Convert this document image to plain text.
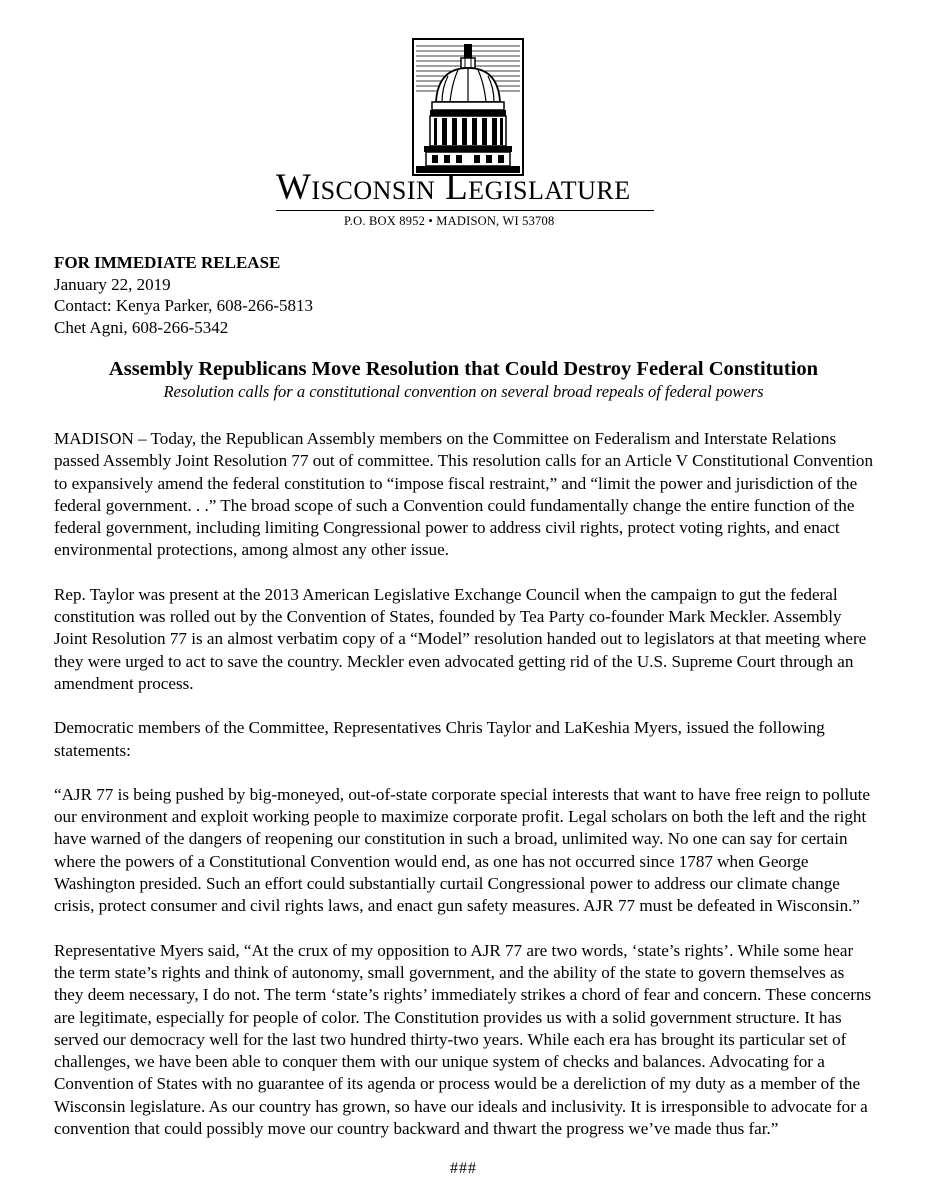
Wisconsin Legislature
P.O. BOX 8952 • MADISON, WI 53708
FOR IMMEDIATE RELEASE
January 22, 2019
Contact: Kenya Parker, 608-266-5813
Chet Agni, 608-266-5342
Assembly Republicans Move Resolution that Could Destroy Federal Constitution
Resolution calls for a constitutional convention on several broad repeals of federal powers

MADISON – Today, the Republican Assembly members on the Committee on Federalism and Interstate Relations passed Assembly Joint Resolution 77 out of committee. This resolution calls for an Article V Constitutional Convention to expansively amend the federal constitution to “impose fiscal restraint,” and “limit the power and jurisdiction of the federal government. . .” The broad scope of such a Convention could fundamentally change the entire function of the federal government, including limiting Congressional power to address civil rights, protect voting rights, and enact environmental protections, among almost any other issue.

Rep. Taylor was present at the 2013 American Legislative Exchange Council when the campaign to gut the federal constitution was rolled out by the Convention of States, founded by Tea Party co-founder Mark Meckler. Assembly Joint Resolution 77 is an almost verbatim copy of a “Model” resolution handed out to legislators at that meeting where they were urged to act to save the country. Meckler even advocated getting rid of the U.S. Supreme Court through an amendment process.

Democratic members of the Committee, Representatives Chris Taylor and LaKeshia Myers, issued the following statements:

“AJR 77 is being pushed by big-moneyed, out-of-state corporate special interests that want to have free reign to pollute our environment and exploit working people to maximize corporate profit. Legal scholars on both the left and the right have warned of the dangers of reopening our constitution in such a broad, unlimited way. No one can say for certain where the powers of a Constitutional Convention would end, as one has not occurred since 1787 when George Washington presided. Such an effort could substantially curtail Congressional power to address our climate change crisis, protect consumer and civil rights laws, and enact gun safety measures. AJR 77 must be defeated in Wisconsin.”

Representative Myers said, “At the crux of my opposition to AJR 77 are two words, ‘state’s rights’. While some hear the term state’s rights and think of autonomy, small government, and the ability of the state to govern themselves as they deem necessary, I do not. The term ‘state’s rights’ immediately strikes a chord of fear and concern. These concerns are legitimate, especially for people of color. The Constitution provides us with a solid government structure. It has served our democracy well for the last two hundred thirty-two years. While each era has brought its particular set of challenges, we have been able to conquer them with our unique system of checks and balances. Advocating for a Convention of States with no guarantee of its agenda or process would be a dereliction of my duty as a member of the Wisconsin legislature. As our country has grown, so have our ideals and inclusivity. It is irresponsible to advocate for a convention that could possibly move our country backward and thwart the progress we’ve made thus far.”

###
